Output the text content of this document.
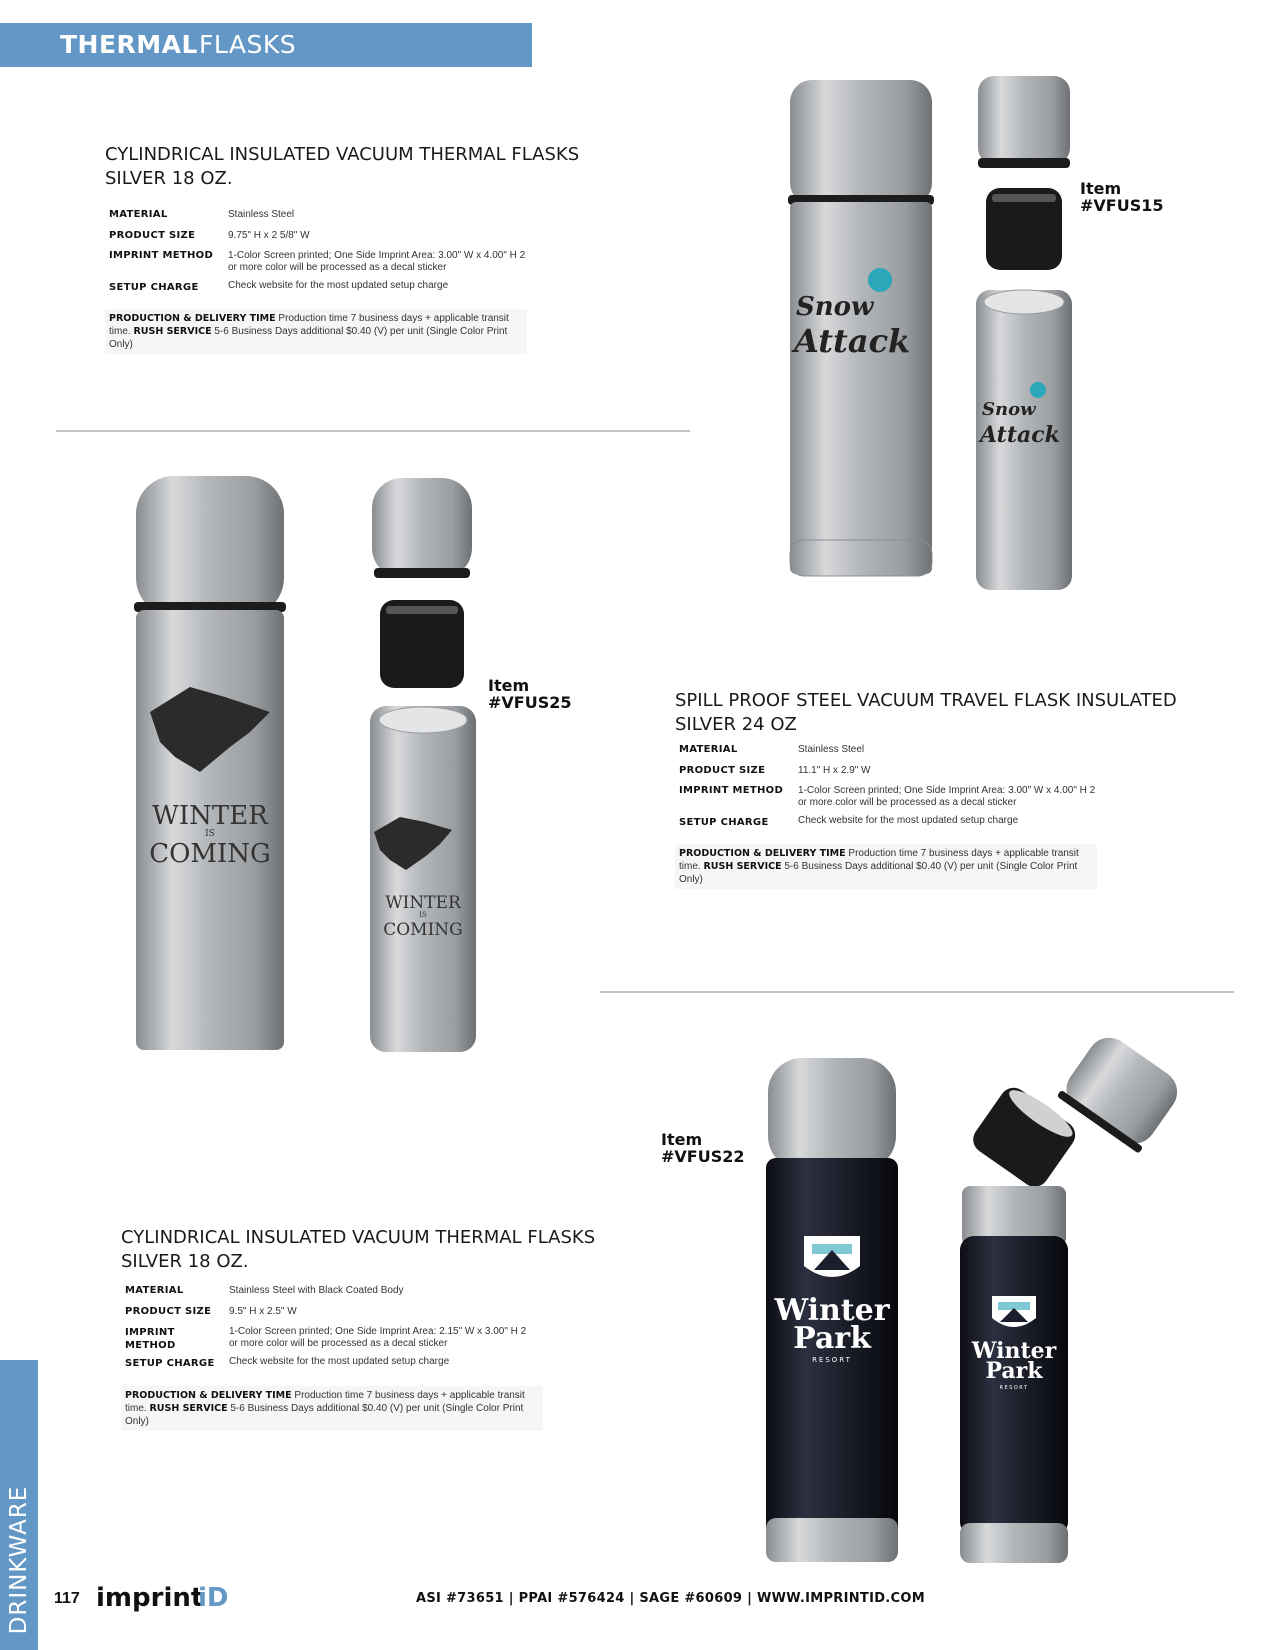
THERMAL FLASKS
DRINKWARE
CYLINDRICAL INSULATED VACUUM THERMAL FLASKS SILVER 18 OZ.
MATERIAL	Stainless Steel
PRODUCT SIZE	9.75" H x 2 5/8" W
IMPRINT METHOD 1-Color Screen printed; One Side Imprint Area: 3.00" W x 4.00" H 2 or more color will be processed as a decal sticker
SETUP CHARGE	Check website for the most updated setup charge
PRODUCTION & DELIVERY TIME Production time 7 business days + applicable transit time. RUSH SERVICE 5-6 Business Days additional $0.40 (V) per unit (Single Color Print Only)
Snow
Attack
Snow
Attack
Item
#VFUS15
WINTER
IS
COMING
WINTER
IS
COMING
Item
#VFUS25	SPILL PROOF STEEL VACUUM TRAVEL FLASK INSULATED SILVER 24 OZ
MATERIAL	Stainless Steel
PRODUCT SIZE	11.1" H x 2.9" W
IMPRINT METHOD 1-Color Screen printed; One Side Imprint Area: 3.00" W x 4.00" H 2 or more color will be processed as a decal sticker
SETUP CHARGE	Check website for the most updated setup charge
PRODUCTION & DELIVERY TIME Production time 7 business days + applicable transit time. RUSH SERVICE 5-6 Business Days additional $0.40 (V) per unit (Single Color Print Only)
Winter
Park
RESORT	Winter
Park
RESORT
Item
#VFUS22
CYLINDRICAL INSULATED VACUUM THERMAL FLASKS SILVER 18 OZ.
MATERIAL	Stainless Steel with Black Coated Body
PRODUCT SIZE 9.5" H x 2.5" W
IMPRINT METHOD
1-Color Screen printed; One Side Imprint Area: 2.15" W x 3.00" H 2 or more color will be processed as a decal sticker
SETUP CHARGE Check website for the most updated setup charge
PRODUCTION & DELIVERY TIME Production time 7 business days + applicable transit time. RUSH SERVICE 5-6 Business Days additional $0.40 (V) per unit (Single Color Print Only)
117 imprint
iD	ASI #73651 | PPAI #576424 | SAGE #60609 | WWW.IMPRINTID.COM
